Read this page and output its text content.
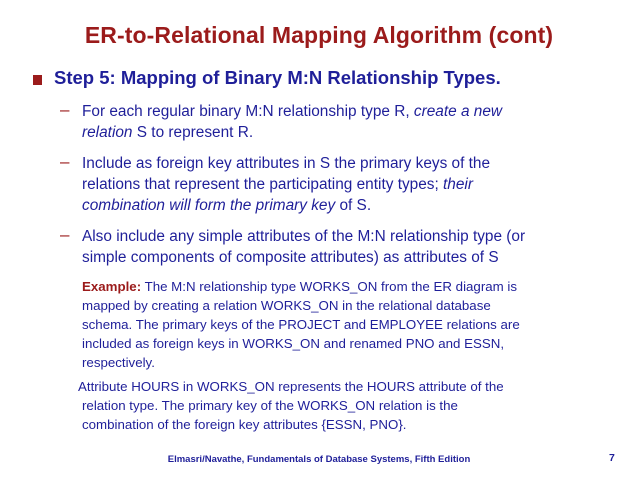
ER-to-Relational Mapping Algorithm (cont)
Step 5: Mapping of Binary M:N Relationship Types.
– For each regular binary M:N relationship type R, create a new
relation S to represent R.
– Include as foreign key attributes in S the primary keys of the
relations that represent the participating entity types; their
combination will form the primary key of S.
– Also include any simple attributes of the M:N relationship type (or
simple components of composite attributes) as attributes of S
Example: The M:N relationship type WORKS_ON from the ER diagram is
mapped by creating a relation WORKS_ON in the relational database
schema. The primary keys of the PROJECT and EMPLOYEE relations are
included as foreign keys in WORKS_ON and renamed PNO and ESSN,
respectively.
Attribute HOURS in WORKS_ON represents the HOURS attribute of the
relation type. The primary key of the WORKS_ON relation is the
combination of the foreign key attributes {ESSN, PNO}.
Elmasri/Navathe, Fundamentals of Database Systems, Fifth Edition	7
